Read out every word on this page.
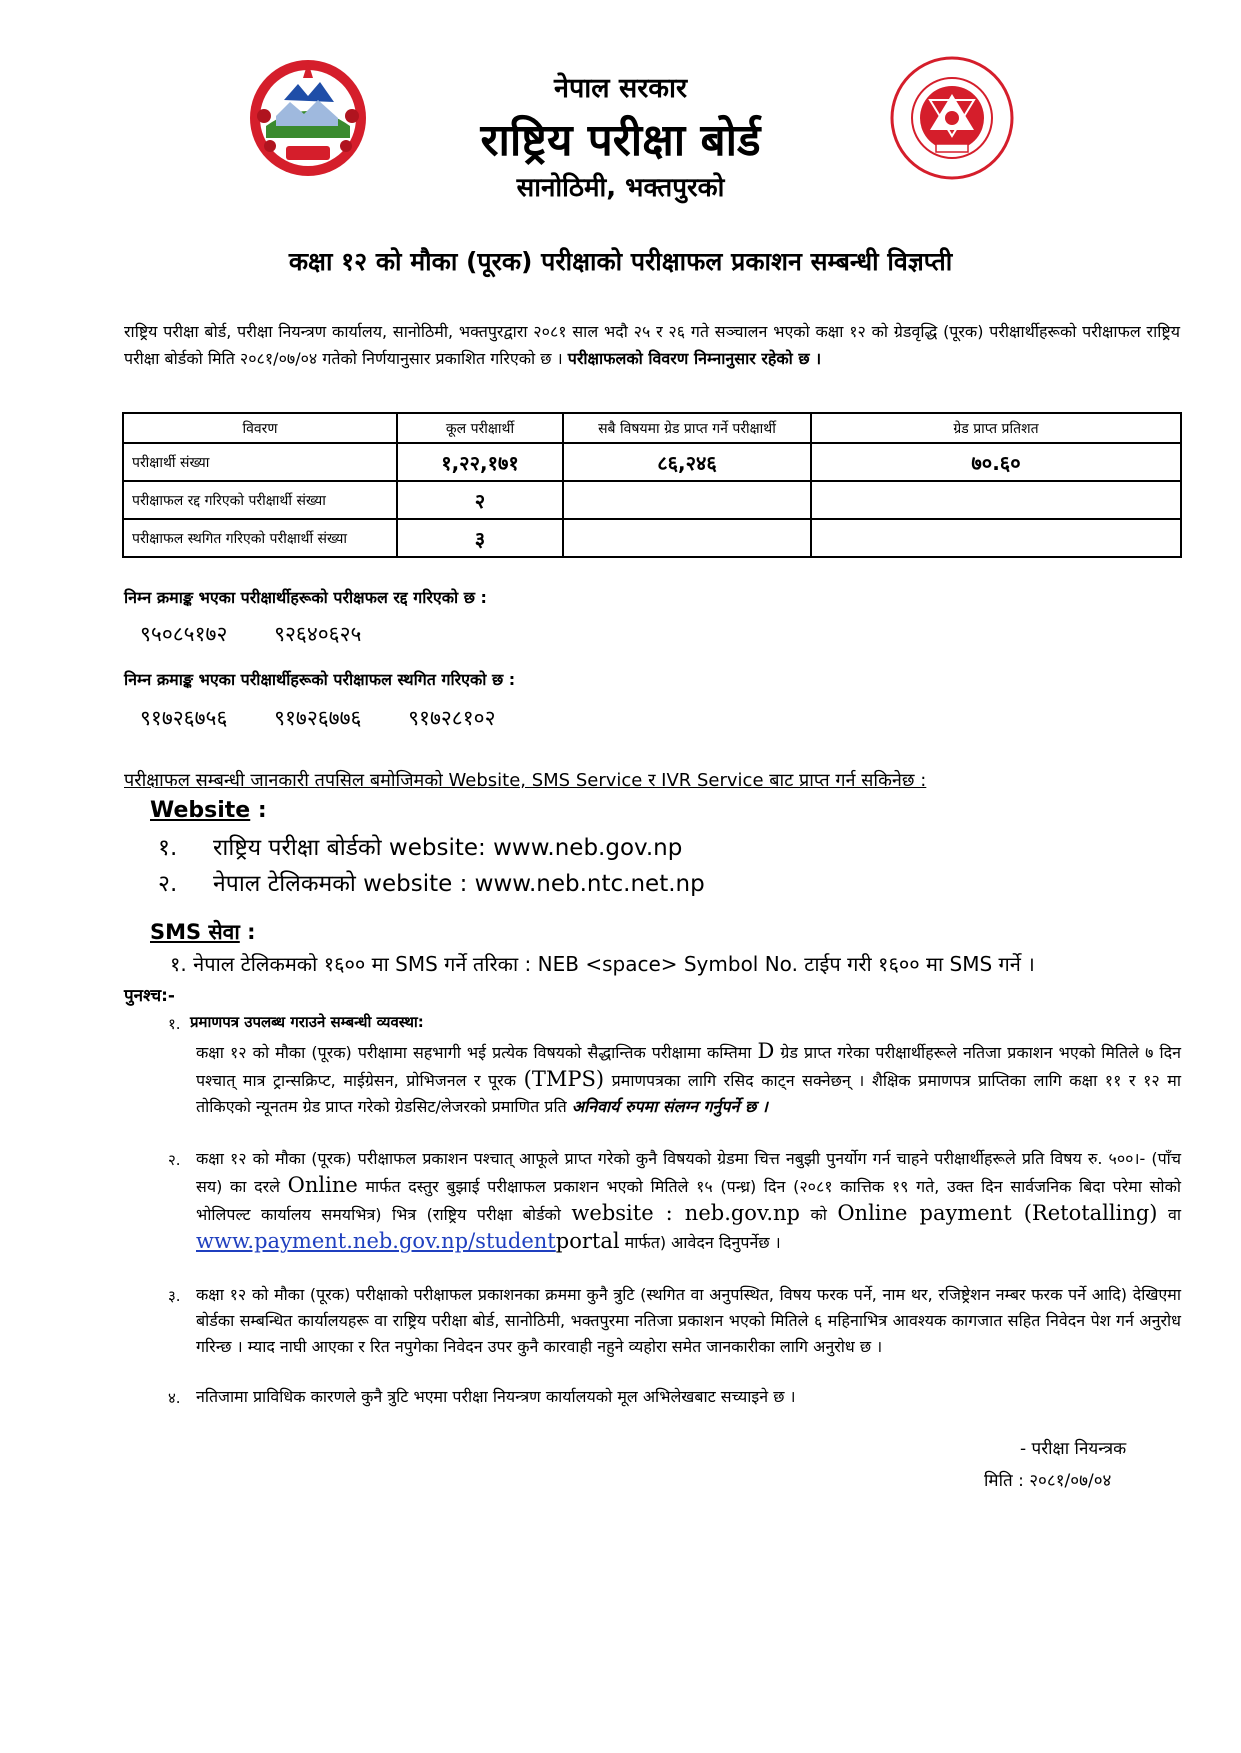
नेपाल सरकार
राष्ट्रिय परीक्षा बोर्ड
सानोठिमी, भक्तपुरको
कक्षा १२ को मौका (पूरक) परीक्षाको परीक्षाफल प्रकाशन सम्बन्धी विज्ञप्ती
राष्ट्रिय परीक्षा बोर्ड, परीक्षा नियन्त्रण कार्यालय, सानोठिमी, भक्तपुरद्वारा २०८१ साल भदौ २५ र २६ गते सञ्चालन भएको कक्षा १२ को ग्रेडवृद्धि (पूरक) परीक्षार्थीहरूको परीक्षाफल राष्ट्रिय परीक्षा बोर्डको मिति २०८१/०७/०४ गतेको निर्णयानुसार प्रकाशित गरिएको छ । परीक्षाफलको विवरण निम्नानुसार रहेको छ ।
विवरण	कूल परीक्षार्थी	सबै विषयमा ग्रेड प्राप्त गर्ने परीक्षार्थी	ग्रेड प्राप्त प्रतिशत
परीक्षार्थी संख्या	१,२२,१७१	८६,२४६	७०.६०
परीक्षाफल रद्द गरिएको परीक्षार्थी संख्या	२		
परीक्षाफल स्थगित गरिएको परीक्षार्थी संख्या	३		
निम्न क्रमाङ्क भएका परीक्षार्थीहरूको परीक्षफल रद्द गरिएको छ :
९५०८५१७२ ९२६४०६२५
निम्न क्रमाङ्क भएका परीक्षार्थीहरूको परीक्षाफल स्थगित गरिएको छ :
९१७२६७५६ ९१७२६७७६ ९१७२८१०२
परीक्षाफल सम्बन्धी जानकारी तपसिल बमोजिमको Website, SMS Service र IVR Service बाट प्राप्त गर्न सकिनेछ :
Website :
१. राष्ट्रिय परीक्षा बोर्डको website: www.neb.gov.np
२. नेपाल टेलिकमको website : www.neb.ntc.net.np
SMS सेवा :
१. नेपाल टेलिकमको १६०० मा SMS गर्ने तरिका : NEB <space> Symbol No. टाईप गरी १६०० मा SMS गर्ने ।
पुनश्च:-
१. प्रमाणपत्र उपलब्ध गराउने सम्बन्धी व्यवस्था:
कक्षा १२ को मौका (पूरक) परीक्षामा सहभागी भई प्रत्येक विषयको सैद्धान्तिक परीक्षामा कम्तिमा D ग्रेड प्राप्त गरेका परीक्षार्थीहरूले नतिजा प्रकाशन भएको मितिले ७ दिन पश्चात् मात्र ट्रान्सक्रिप्ट, माईग्रेसन, प्रोभिजनल र पूरक (TMPS) प्रमाणपत्रका लागि रसिद काट्न सक्नेछन् । शैक्षिक प्रमाणपत्र प्राप्तिका लागि कक्षा ११ र १२ मा तोकिएको न्यूनतम ग्रेड प्राप्त गरेको ग्रेडसिट/लेजरको प्रमाणित प्रति अनिवार्य रुपमा संलग्न गर्नुपर्ने छ ।
२. कक्षा १२ को मौका (पूरक) परीक्षाफल प्रकाशन पश्चात् आफूले प्राप्त गरेको कुनै विषयको ग्रेडमा चित्त नबुझी पुनर्योग गर्न चाहने परीक्षार्थीहरूले प्रति विषय रु. ५००।- (पाँच सय) का दरले Online मार्फत दस्तुर बुझाई परीक्षाफल प्रकाशन भएको मितिले १५ (पन्ध्र) दिन (२०८१ कात्तिक १९ गते, उक्त दिन सार्वजनिक बिदा परेमा सोको भोलिपल्ट कार्यालय समयभित्र) भित्र (राष्ट्रिय परीक्षा बोर्डको website : neb.gov.np को Online payment (Retotalling) वा www.payment.neb.gov.np/studentportal मार्फत) आवेदन दिनुपर्नेछ ।
३. कक्षा १२ को मौका (पूरक) परीक्षाको परीक्षाफल प्रकाशनका क्रममा कुनै त्रुटि (स्थगित वा अनुपस्थित, विषय फरक पर्ने, नाम थर, रजिष्ट्रेशन नम्बर फरक पर्ने आदि) देखिएमा बोर्डका सम्बन्धित कार्यालयहरू वा राष्ट्रिय परीक्षा बोर्ड, सानोठिमी, भक्तपुरमा नतिजा प्रकाशन भएको मितिले ६ महिनाभित्र आवश्यक कागजात सहित निवेदन पेश गर्न अनुरोध गरिन्छ । म्याद नाघी आएका र रित नपुगेका निवेदन उपर कुनै कारवाही नहुने व्यहोरा समेत जानकारीका लागि अनुरोध छ ।
४. नतिजामा प्राविधिक कारणले कुनै त्रुटि भएमा परीक्षा नियन्त्रण कार्यालयको मूल अभिलेखबाट सच्याइने छ ।
- परीक्षा नियन्त्रक
मिति : २०८१/०७/०४
